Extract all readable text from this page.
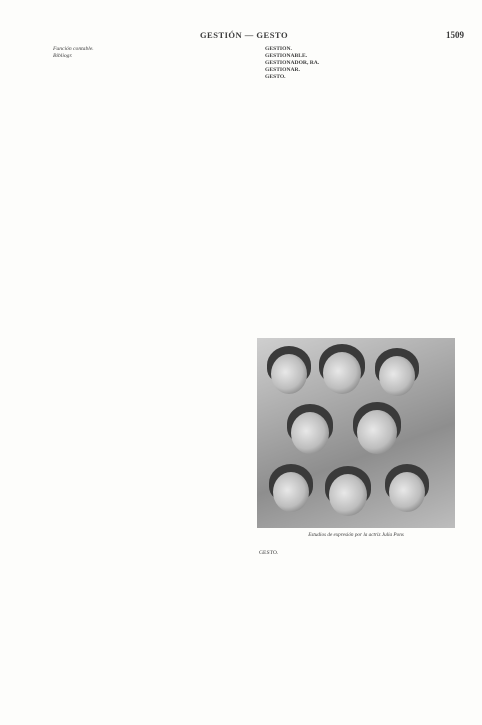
GESTIÓN — GESTO	1509

Función contable.

Bibliogr.

GESTIÓN.

GESTIONABLE.

GESTIONADOR, RA.

GESTIONAR.

GESTO.

Estudios de expresión por la actriz Julia Pons

GESTO.
